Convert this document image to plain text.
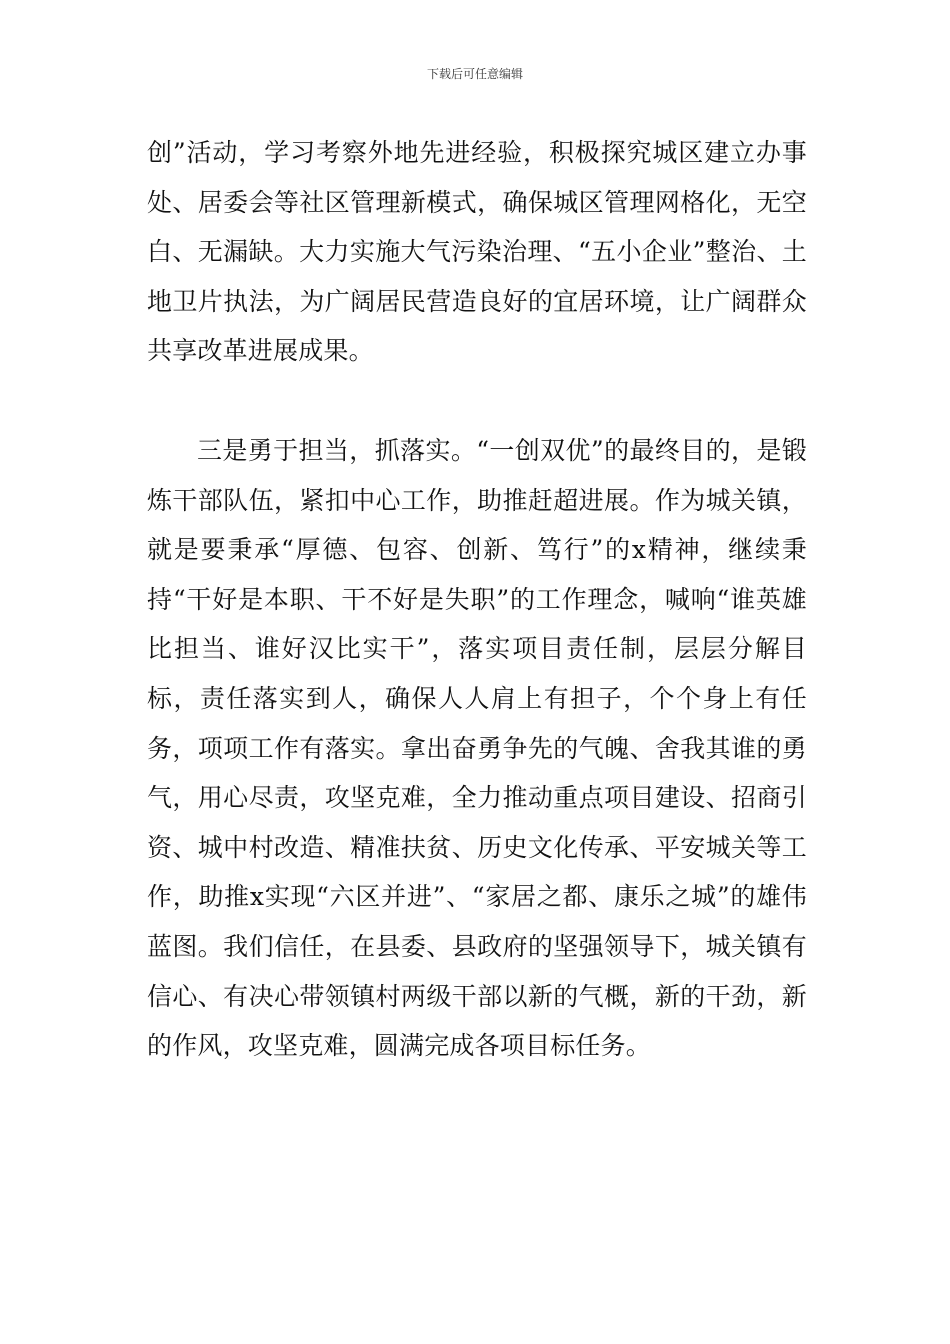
下载后可任意编辑

创”活动，学习考察外地先进经验，积极探究城区建立办事处、居委会等社区管理新模式，确保城区管理网格化，无空白、无漏缺。大力实施大气污染治理、“五小企业”整治、土地卫片执法，为广阔居民营造良好的宜居环境，让广阔群众共享改革进展成果。

三是勇于担当，抓落实。“一创双优”的最终目的，是锻炼干部队伍，紧扣中心工作，助推赶超进展。作为城关镇，就是要秉承“厚德、包容、创新、笃行”的x精神，继续秉持“干好是本职、干不好是失职”的工作理念，喊响“谁英雄比担当、谁好汉比实干”，落实项目责任制，层层分解目标，责任落实到人，确保人人肩上有担子，个个身上有任务，项项工作有落实。拿出奋勇争先的气魄、舍我其谁的勇气，用心尽责，攻坚克难，全力推动重点项目建设、招商引资、城中村改造、精准扶贫、历史文化传承、平安城关等工作，助推x实现“六区并进”、“家居之都、康乐之城”的雄伟蓝图。我们信任，在县委、县政府的坚强领导下，城关镇有信心、有决心带领镇村两级干部以新的气概，新的干劲，新的作风，攻坚克难，圆满完成各项目标任务。
